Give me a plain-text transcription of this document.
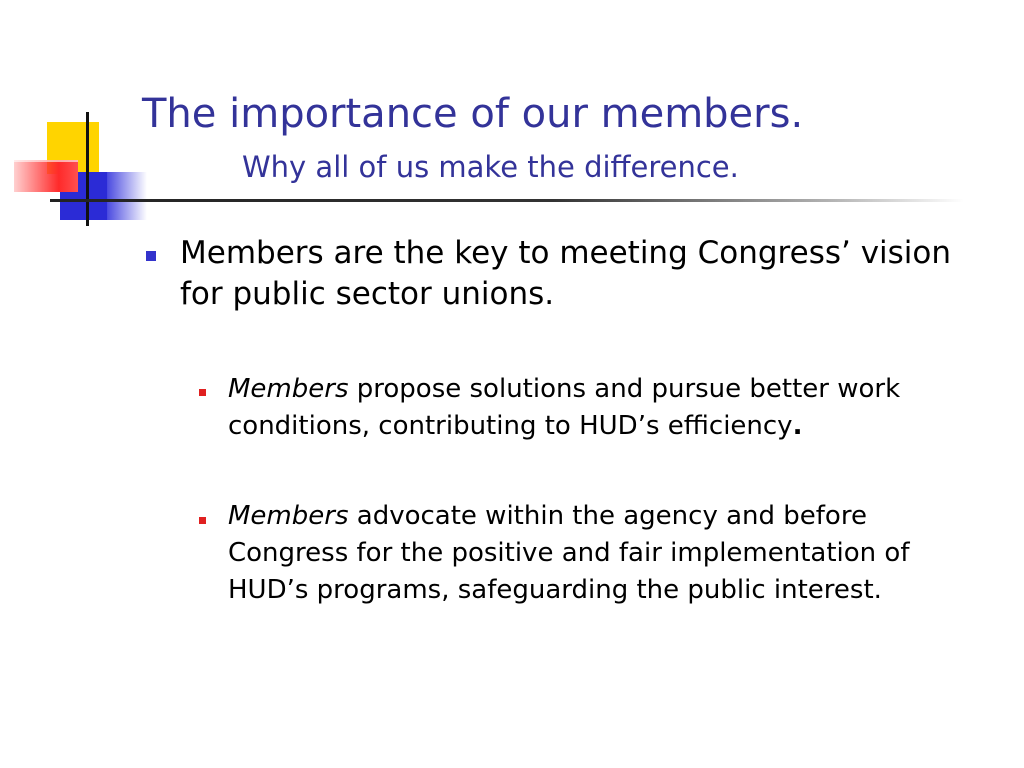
The importance of our members.
Why all of us make the difference.
Members are the key to meeting Congress’ vision for public sector unions.
Members propose solutions and pursue better work conditions, contributing to HUD’s efficiency.
Members advocate within the agency and before Congress for the positive and fair implementation of HUD’s programs, safeguarding the public interest.
